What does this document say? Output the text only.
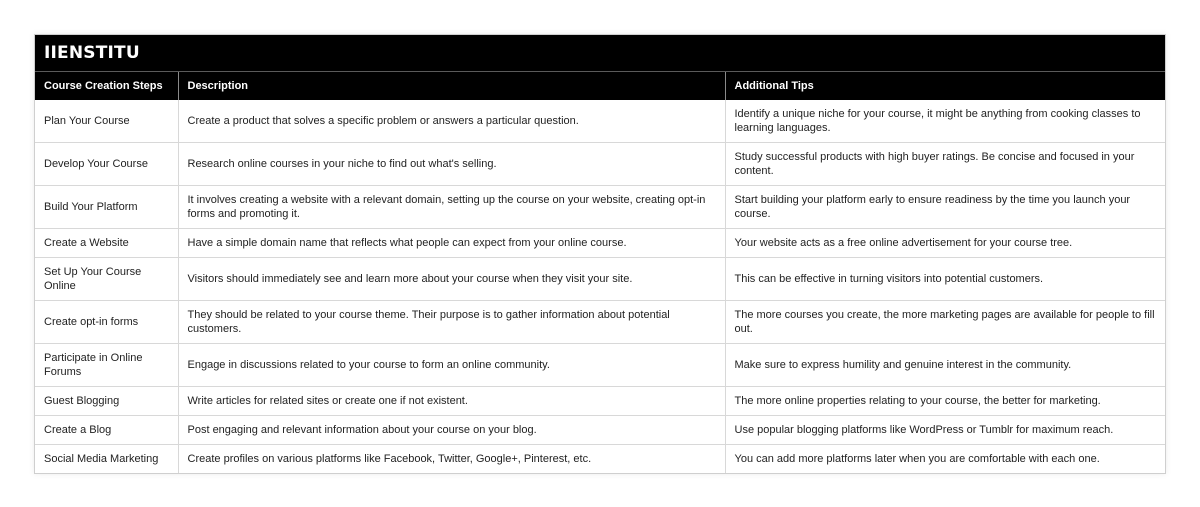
IIENSTITU
Course Creation Steps	Description	Additional Tips
Plan Your Course	Create a product that solves a specific problem or answers a particular question.	Identify a unique niche for your course, it might be anything from cooking classes to learning languages.
Develop Your Course	Research online courses in your niche to find out what's selling.	Study successful products with high buyer ratings. Be concise and focused in your content.
Build Your Platform	It involves creating a website with a relevant domain, setting up the course on your website, creating opt-in forms and promoting it.	Start building your platform early to ensure readiness by the time you launch your course.
Create a Website	Have a simple domain name that reflects what people can expect from your online course.	Your website acts as a free online advertisement for your course tree.
Set Up Your Course Online	Visitors should immediately see and learn more about your course when they visit your site.	This can be effective in turning visitors into potential customers.
Create opt-in forms	They should be related to your course theme. Their purpose is to gather information about potential customers.	The more courses you create, the more marketing pages are available for people to fill out.
Participate in Online Forums	Engage in discussions related to your course to form an online community.	Make sure to express humility and genuine interest in the community.
Guest Blogging	Write articles for related sites or create one if not existent.	The more online properties relating to your course, the better for marketing.
Create a Blog	Post engaging and relevant information about your course on your blog.	Use popular blogging platforms like WordPress or Tumblr for maximum reach.
Social Media Marketing	Create profiles on various platforms like Facebook, Twitter, Google+, Pinterest, etc.	You can add more platforms later when you are comfortable with each one.
